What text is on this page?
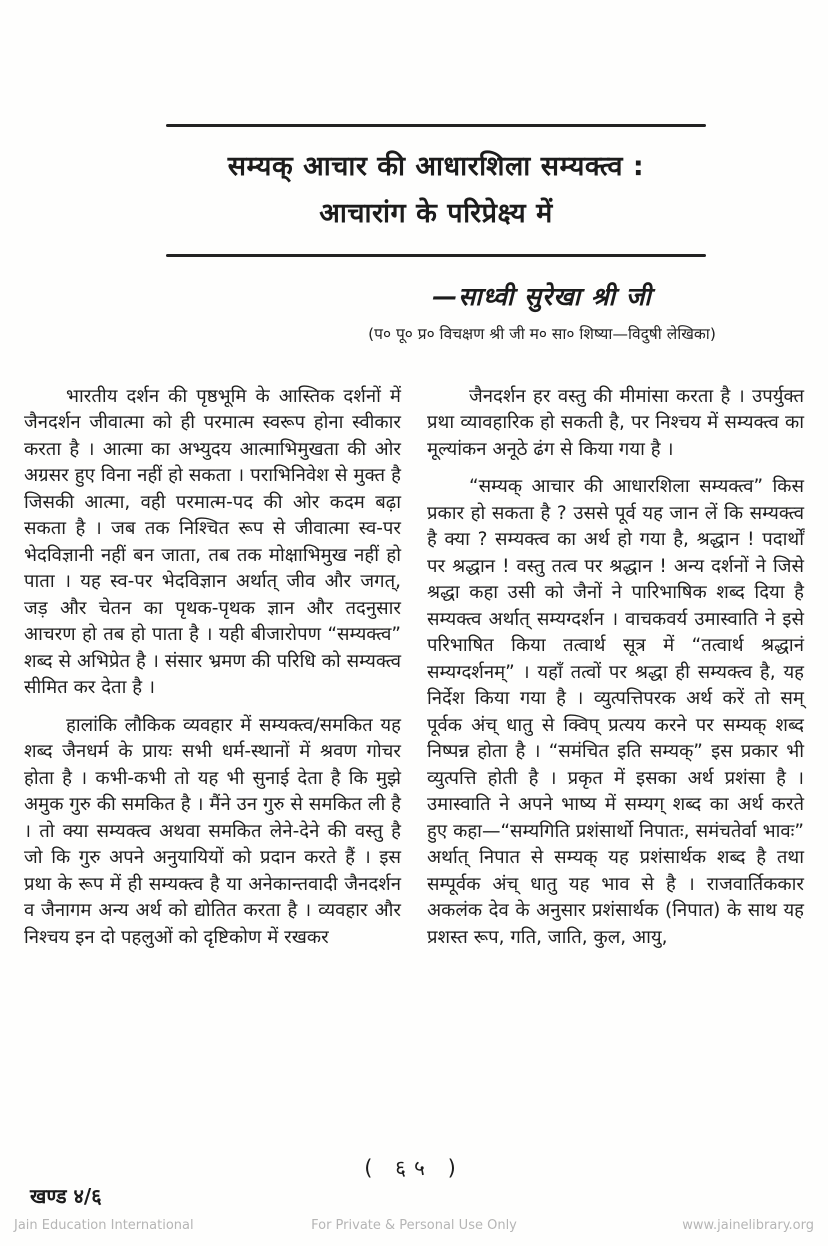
सम्यक् आचार की आधारशिला सम्यक्त्व :
आचारांग के परिप्रेक्ष्य में
—साध्वी सुरेखा श्री जी
(प० पू० प्र० विचक्षण श्री जी म० सा० शिष्या—विदुषी लेखिका)

भारतीय दर्शन की पृष्ठभूमि के आस्तिक दर्शनों में जैनदर्शन जीवात्मा को ही परमात्म स्वरूप होना स्वीकार करता है । आत्मा का अभ्युदय आत्माभिमुखता की ओर अग्रसर हुए विना नहीं हो सकता । पराभिनिवेश से मुक्त है जिसकी आत्मा, वही परमात्म-पद की ओर कदम बढ़ा सकता है । जब तक निश्चित रूप से जीवात्मा स्व-पर भेदविज्ञानी नहीं बन जाता, तब तक मोक्षाभिमुख नहीं हो पाता । यह स्व-पर भेदविज्ञान अर्थात् जीव और जगत्, जड़ और चेतन का पृथक-पृथक ज्ञान और तदनुसार आचरण हो तब हो पाता है । यही बीजारोपण “सम्यक्त्व” शब्द से अभिप्रेत है । संसार भ्रमण की परिधि को सम्यक्त्व सीमित कर देता है ।

हालांकि लौकिक व्यवहार में सम्यक्त्व/समकित यह शब्द जैनधर्म के प्रायः सभी धर्म-स्थानों में श्रवण गोचर होता है । कभी-कभी तो यह भी सुनाई देता है कि मुझे अमुक गुरु की समकित है । मैंने उन गुरु से समकित ली है । तो क्या सम्यक्त्व अथवा समकित लेने-देने की वस्तु है जो कि गुरु अपने अनुयायियों को प्रदान करते हैं । इस प्रथा के रूप में ही सम्यक्त्व है या अनेकान्तवादी जैनदर्शन व जैनागम अन्य अर्थ को द्योतित करता है । व्यवहार और निश्चय इन दो पहलुओं को दृष्टिकोण में रखकर

जैनदर्शन हर वस्तु की मीमांसा करता है । उपर्युक्त प्रथा व्यावहारिक हो सकती है, पर निश्चय में सम्यक्त्व का मूल्यांकन अनूठे ढंग से किया गया है ।

“सम्यक् आचार की आधारशिला सम्यक्त्व” किस प्रकार हो सकता है ? उससे पूर्व यह जान लें कि सम्यक्त्व है क्या ? सम्यक्त्व का अर्थ हो गया है, श्रद्धान ! पदार्थों पर श्रद्धान ! वस्तु तत्व पर श्रद्धान ! अन्य दर्शनों ने जिसे श्रद्धा कहा उसी को जैनों ने पारिभाषिक शब्द दिया है सम्यक्त्व अर्थात् सम्यग्दर्शन । वाचकवर्य उमास्वाति ने इसे परिभाषित किया तत्वार्थ सूत्र में “तत्वार्थ श्रद्धानं सम्यग्दर्शनम्” । यहाँ तत्वों पर श्रद्धा ही सम्यक्त्व है, यह निर्देश किया गया है । व्युत्पत्तिपरक अर्थ करें तो सम् पूर्वक अंच् धातु से क्विप् प्रत्यय करने पर सम्यक् शब्द निष्पन्न होता है । “समंचित इति सम्यक्” इस प्रकार भी व्युत्पत्ति होती है । प्रकृत में इसका अर्थ प्रशंसा है । उमास्वाति ने अपने भाष्य में सम्यग् शब्द का अर्थ करते हुए कहा—“सम्यगिति प्रशंसार्थो निपातः, समंचतेर्वा भावः” अर्थात् निपात से सम्यक् यह प्रशंसार्थक शब्द है तथा सम्पूर्वक अंच् धातु यह भाव से है । राजवार्तिककार अकलंक देव के अनुसार प्रशंसार्थक (निपात) के साथ यह प्रशस्त रूप, गति, जाति, कुल, आयु,

( ६५ )
खण्ड ४/६
Jain Education International	For Private & Personal Use Only	www.jainelibrary.org
